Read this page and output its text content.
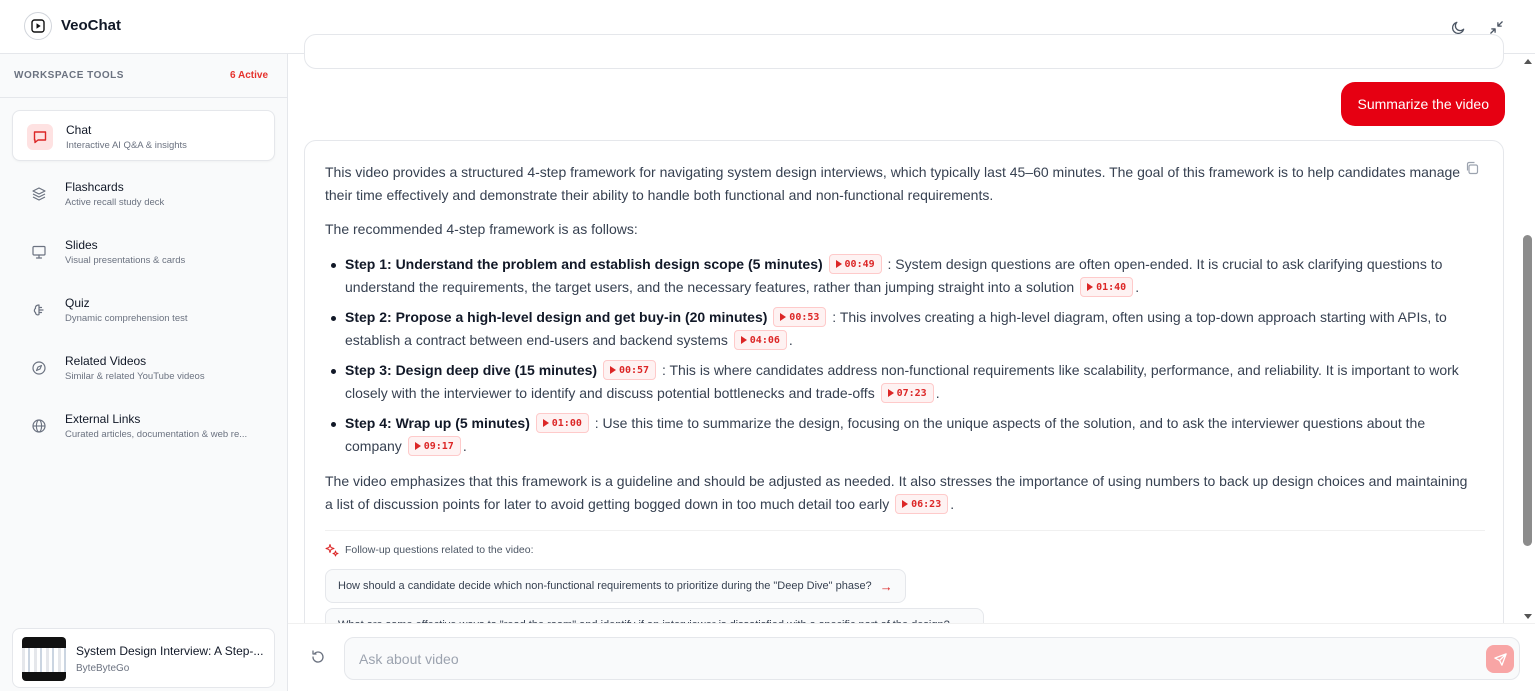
VeoChat
WORKSPACE TOOLS	6 Active
Chat
Interactive AI Q&A & insights
Flashcards
Active recall study deck
Slides
Visual presentations & cards
Quiz
Dynamic comprehension test
Related Videos
Similar & related YouTube videos
External Links
Curated articles, documentation & web re...
System Design Interview: A Step-...
ByteByteGo
Summarize the video

This video provides a structured 4-step framework for navigating system design interviews, which typically last 45–60 minutes. The goal of this framework is to help candidates manage their time effectively and demonstrate their ability to handle both functional and non-functional requirements.

The recommended 4-step framework is as follows:

Step 1: Understand the problem and establish design scope (5 minutes) 00:49 : System design questions are often open-ended. It is crucial to ask clarifying questions to understand the requirements, the target users, and the necessary features, rather than jumping straight into a solution 01:40 .
Step 2: Propose a high-level design and get buy-in (20 minutes) 00:53 : This involves creating a high-level diagram, often using a top-down approach starting with APIs, to establish a contract between end-users and backend systems 04:06 .
Step 3: Design deep dive (15 minutes) 00:57 : This is where candidates address non-functional requirements like scalability, performance, and reliability. It is important to work closely with the interviewer to identify and discuss potential bottlenecks and trade-offs 07:23 .
Step 4: Wrap up (5 minutes) 01:00 : Use this time to summarize the design, focusing on the unique aspects of the solution, and to ask the interviewer questions about the company 09:17 .

The video emphasizes that this framework is a guideline and should be adjusted as needed. It also stresses the importance of using numbers to back up design choices and maintaining a list of discussion points for later to avoid getting bogged down in too much detail too early 06:23 .

Follow-up questions related to the video:
How should a candidate decide which non-functional requirements to prioritize during the "Deep Dive" phase? →
Ask about video
